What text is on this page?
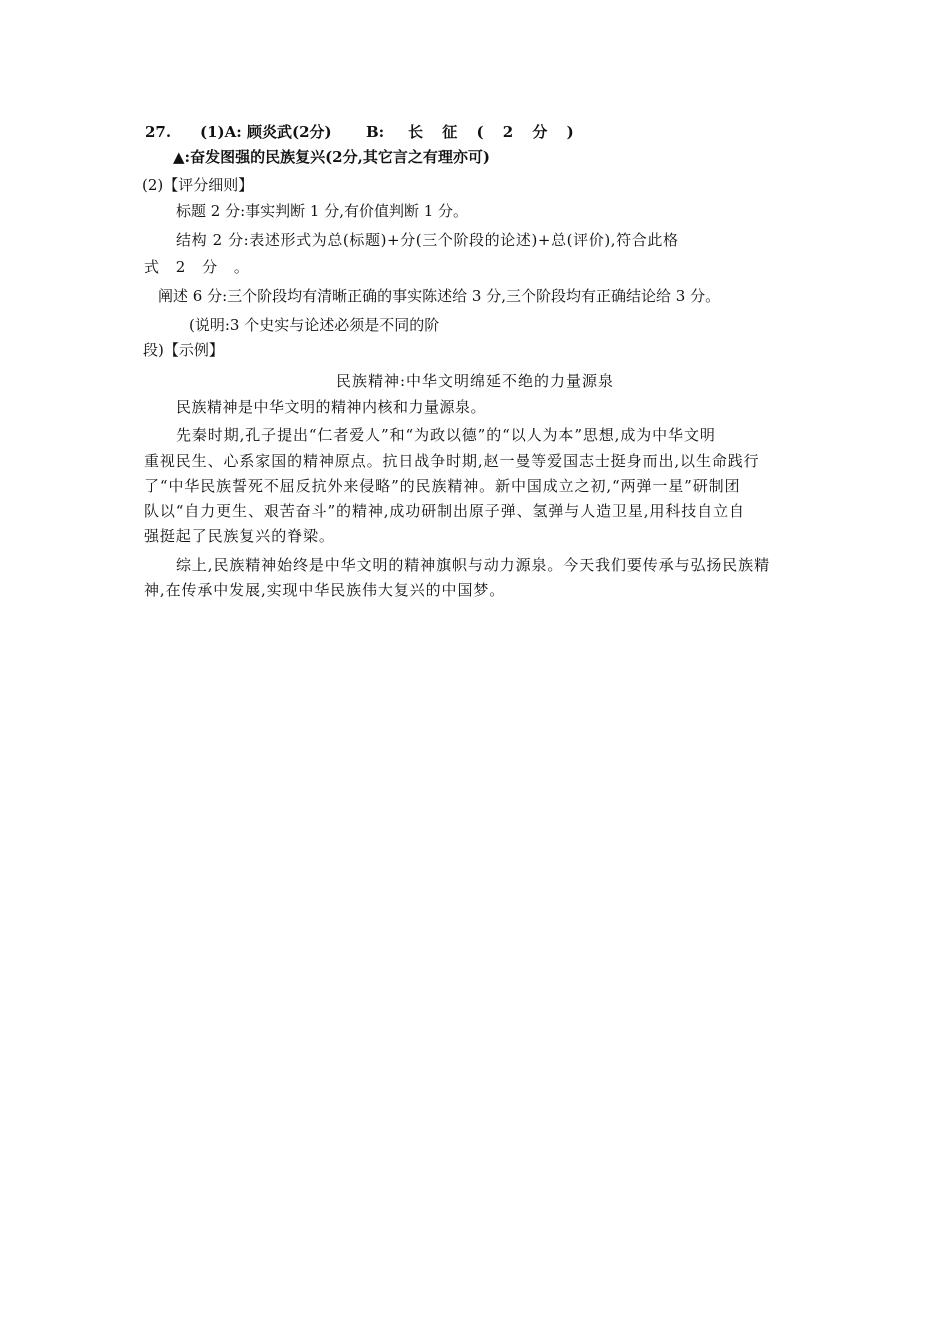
27. (1)A: 顾炎武(2分) B: 长 征 ( 2 分 )
▲:奋发图强的民族复兴(2分,其它言之有理亦可)
(2)【评分细则】
标题 2 分:事实判断 1 分,有价值判断 1 分。
结构 2 分:表述形式为总(标题)+分(三个阶段的论述)+总(评价),符合此格
式 2 分 。
阐述 6 分:三个阶段均有清晰正确的事实陈述给 3 分,三个阶段均有正确结论给 3 分。
(说明:3 个史实与论述必须是不同的阶
段)【示例】
民族精神:中华文明绵延不绝的力量源泉
民族精神是中华文明的精神内核和力量源泉。
先秦时期,孔子提出“仁者爱人”和“为政以德”的“以人为本”思想,成为中华文明
重视民生、心系家国的精神原点。抗日战争时期,赵一曼等爱国志士挺身而出,以生命践行
了“中华民族誓死不屈反抗外来侵略”的民族精神。新中国成立之初,“两弹一星”研制团
队以“自力更生、艰苦奋斗”的精神,成功研制出原子弹、氢弹与人造卫星,用科技自立自
强挺起了民族复兴的脊梁。
综上,民族精神始终是中华文明的精神旗帜与动力源泉。今天我们要传承与弘扬民族精
神,在传承中发展,实现中华民族伟大复兴的中国梦。
